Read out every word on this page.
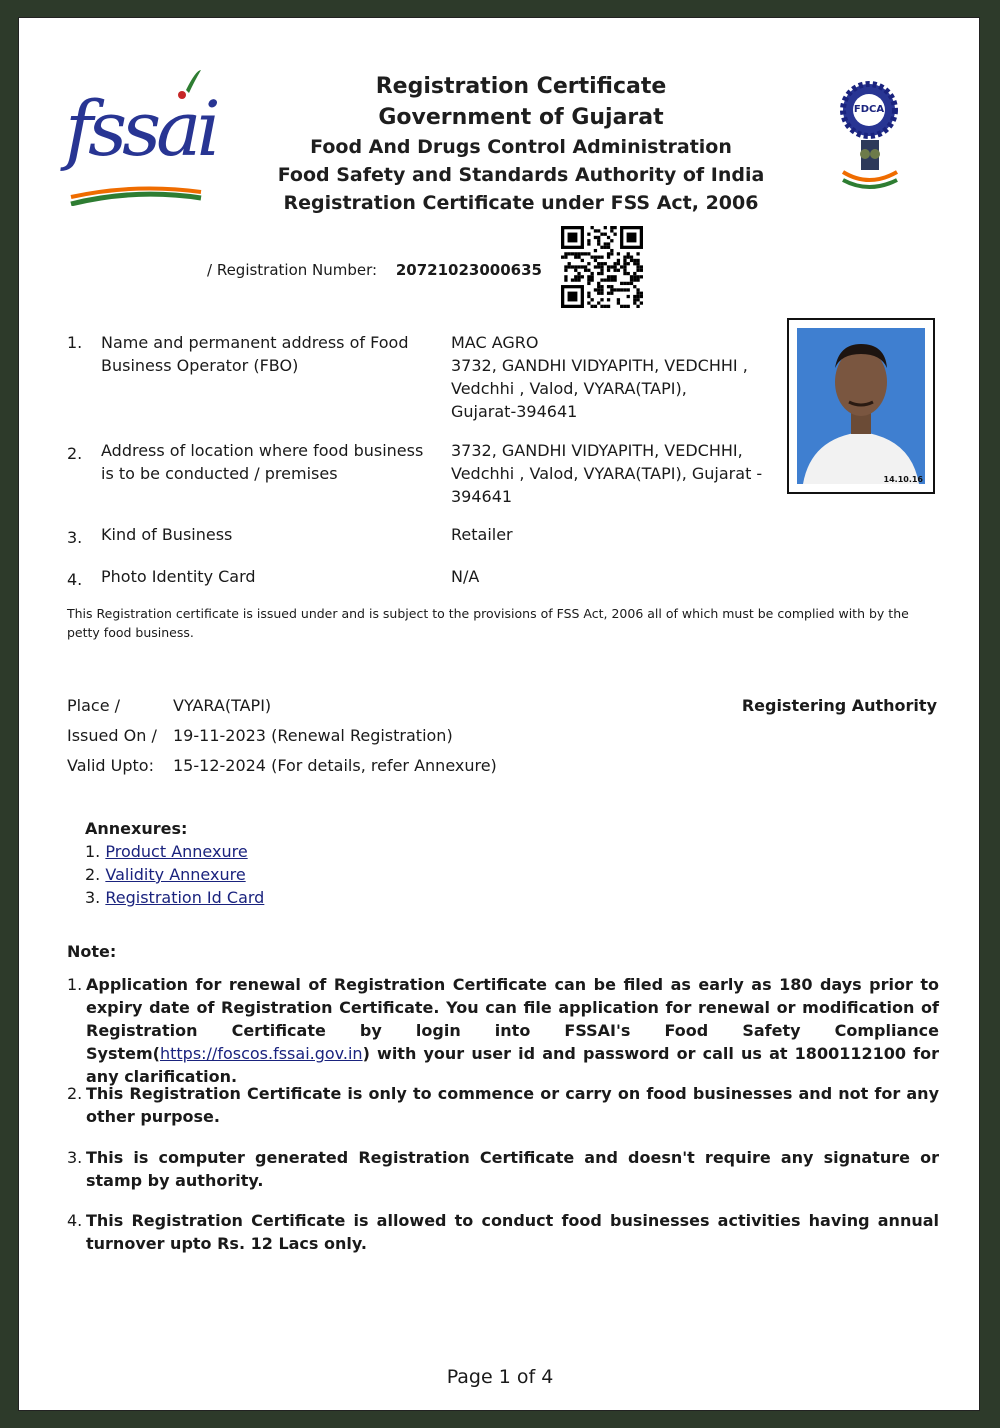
fssai	FDCA
Registration Certificate
Government of Gujarat
Food And Drugs Control Administration
Food Safety and Standards Authority of India
Registration Certificate under FSS Act, 2006
/ Registration Number: 20721023000635
1. Name and permanent address of Food Business Operator (FBO)
MAC AGRO
3732, GANDHI VIDYAPITH, VEDCHHI ,
Vedchhi , Valod, VYARA(TAPI),
Gujarat-394641
2. Address of location where food business is to be conducted / premises
3732, GANDHI VIDYAPITH, VEDCHHI,
Vedchhi , Valod, VYARA(TAPI), Gujarat -
394641
3. Kind of Business	Retailer
4. Photo Identity Card	N/A
14.10.16
This Registration certificate is issued under and is subject to the provisions of FSS Act, 2006 all of which must be complied with by the petty food business.
Place /	VYARA(TAPI)
Issued On / 19-11-2023 (Renewal Registration)
Valid Upto: 15-12-2024 (For details, refer Annexure)
Registering Authority
Annexures:
1. Product Annexure
2. Validity Annexure
3. Registration Id Card
Note:
1. Application for renewal of Registration Certificate can be filed as early as 180 days prior to expiry date of Registration Certificate. You can file application for renewal or modification of Registration Certificate by login into FSSAI's Food Safety Compliance System(https://foscos.fssai.gov.in) with your user id and password or call us at 1800112100 for any clarification.
2. This Registration Certificate is only to commence or carry on food businesses and not for any other purpose.
3. This is computer generated Registration Certificate and doesn't require any signature or stamp by authority.
4. This Registration Certificate is allowed to conduct food businesses activities having annual turnover upto Rs. 12 Lacs only.
Page 1 of 4
